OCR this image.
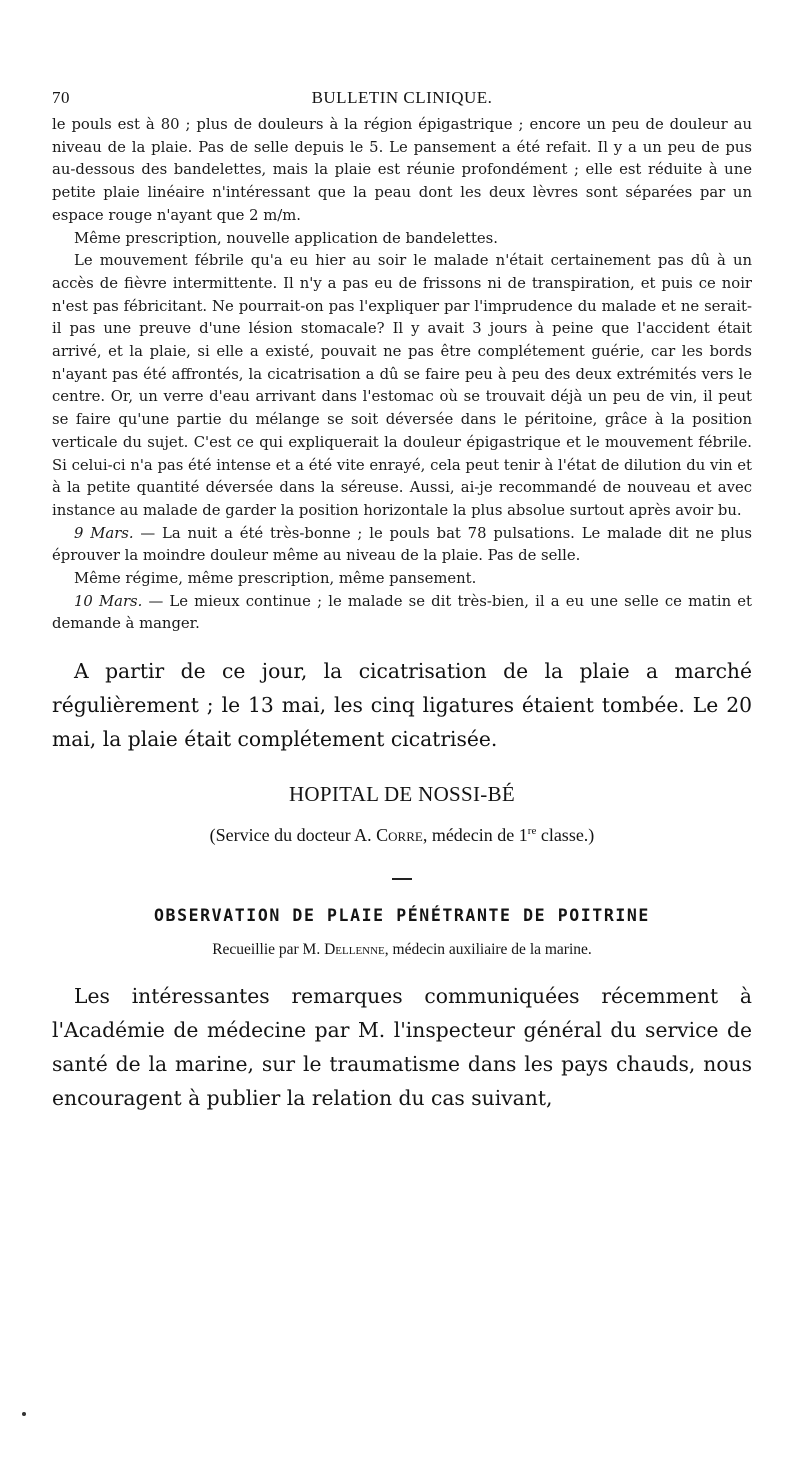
70	BULLETIN CLINIQUE.

le pouls est à 80 ; plus de douleurs à la région épigastrique ; encore un peu de douleur au niveau de la plaie. Pas de selle depuis le 5. Le pansement a été refait. Il y a un peu de pus au-dessous des bandelettes, mais la plaie est réunie profondément ; elle est réduite à une petite plaie linéaire n'intéressant que la peau dont les deux lèvres sont séparées par un espace rouge n'ayant que 2 m/m.

Même prescription, nouvelle application de bandelettes.

Le mouvement fébrile qu'a eu hier au soir le malade n'était certainement pas dû à un accès de fièvre intermittente. Il n'y a pas eu de frissons ni de transpiration, et puis ce noir n'est pas fébricitant. Ne pourrait-on pas l'expliquer par l'imprudence du malade et ne serait-il pas une preuve d'une lésion stomacale? Il y avait 3 jours à peine que l'accident était arrivé, et la plaie, si elle a existé, pouvait ne pas être complétement guérie, car les bords n'ayant pas été affrontés, la cicatrisation a dû se faire peu à peu des deux extrémités vers le centre. Or, un verre d'eau arrivant dans l'estomac où se trouvait déjà un peu de vin, il peut se faire qu'une partie du mélange se soit déversée dans le péritoine, grâce à la position verticale du sujet. C'est ce qui expliquerait la douleur épigastrique et le mouvement fébrile. Si celui-ci n'a pas été intense et a été vite enrayé, cela peut tenir à l'état de dilution du vin et à la petite quantité déversée dans la séreuse. Aussi, ai-je recommandé de nouveau et avec instance au malade de garder la position horizontale la plus absolue surtout après avoir bu.

9 Mars. — La nuit a été très-bonne ; le pouls bat 78 pulsations. Le malade dit ne plus éprouver la moindre douleur même au niveau de la plaie. Pas de selle.

Même régime, même prescription, même pansement.

10 Mars. — Le mieux continue ; le malade se dit très-bien, il a eu une selle ce matin et demande à manger.

A partir de ce jour, la cicatrisation de la plaie a marché régulièrement ; le 13 mai, les cinq ligatures étaient tombée. Le 20 mai, la plaie était complétement cicatrisée.

HOPITAL DE NOSSI-BÉ
(Service du docteur A. Corre, médecin de 1re classe.)
OBSERVATION DE PLAIE PÉNÉTRANTE DE POITRINE
Recueillie par M. Dellenne, médecin auxiliaire de la marine.

Les intéressantes remarques communiquées récemment à l'Académie de médecine par M. l'inspecteur général du service de santé de la marine, sur le traumatisme dans les pays chauds, nous encouragent à publier la relation du cas suivant,
